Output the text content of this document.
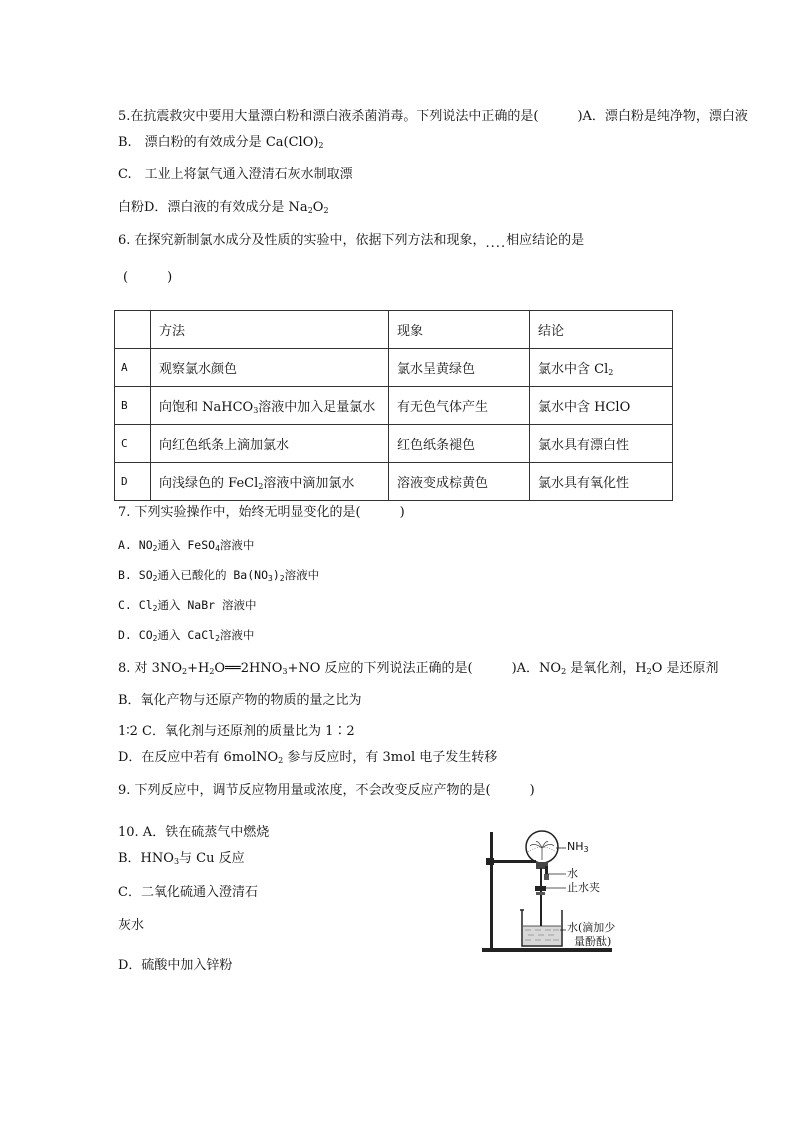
5.在抗震救灾中要用大量漂白粉和漂白液杀菌消毒。下列说法中正确的是(　　　)A．漂白粉是纯净物，漂白液
B. 漂白粉的有效成分是 $Ca(ClO)_2$
C. 工业上将氯气通入澄清石灰水制取漂
白粉D．漂白液的有效成分是 $Na_2O_2$
6. 在探究新制氯水成分及性质的实验中，依据下列方法和现象，....相应结论的是
(　　　)
	方法	现象	结论
A	观察氯水颜色	氯水呈黄绿色	氯水中含 $Cl_2$
B	向饱和 NaHCO$_3$溶液中加入足量氯水	有无色气体产生	氯水中含 HClO
C	向红色纸条上滴加氯水	红色纸条褪色	氯水具有漂白性
D	向浅绿色的 FeCl$_2$溶液中滴加氯水	溶液变成棕黄色	氯水具有氧化性
7. 下列实验操作中，始终无明显变化的是(　　　)
A. $NO_2$通入 FeSO$_4$溶液中
B. $SO_2$通入已酸化的 $Ba(NO_3)_2$溶液中
C. $Cl_2$通入 NaBr 溶液中
D. $CO_2$通入 CaCl$_2$溶液中
8. 对 $3NO_2+H_2O══2HNO_3+NO$ 反应的下列说法正确的是(　　　)A．$NO_2$ 是氧化剂，$H_2O$ 是还原剂
B．氧化产物与还原产物的物质的量之比为
1∶2 C．氧化剂与还原剂的质量比为 1∶2
D．在反应中若有 6molNO$_2$ 参与反应时，有 3mol 电子发生转移
9. 下列反应中，调节反应物用量或浓度，不会改变反应产物的是(　　　)
10. A．铁在硫蒸气中燃烧
B．$HNO_3$与 Cu 反应
C．二氧化硫通入澄清石
灰水
D．硫酸中加入锌粉
$NH_3$
水
止水夹
水(滴加少
量酚酞)
